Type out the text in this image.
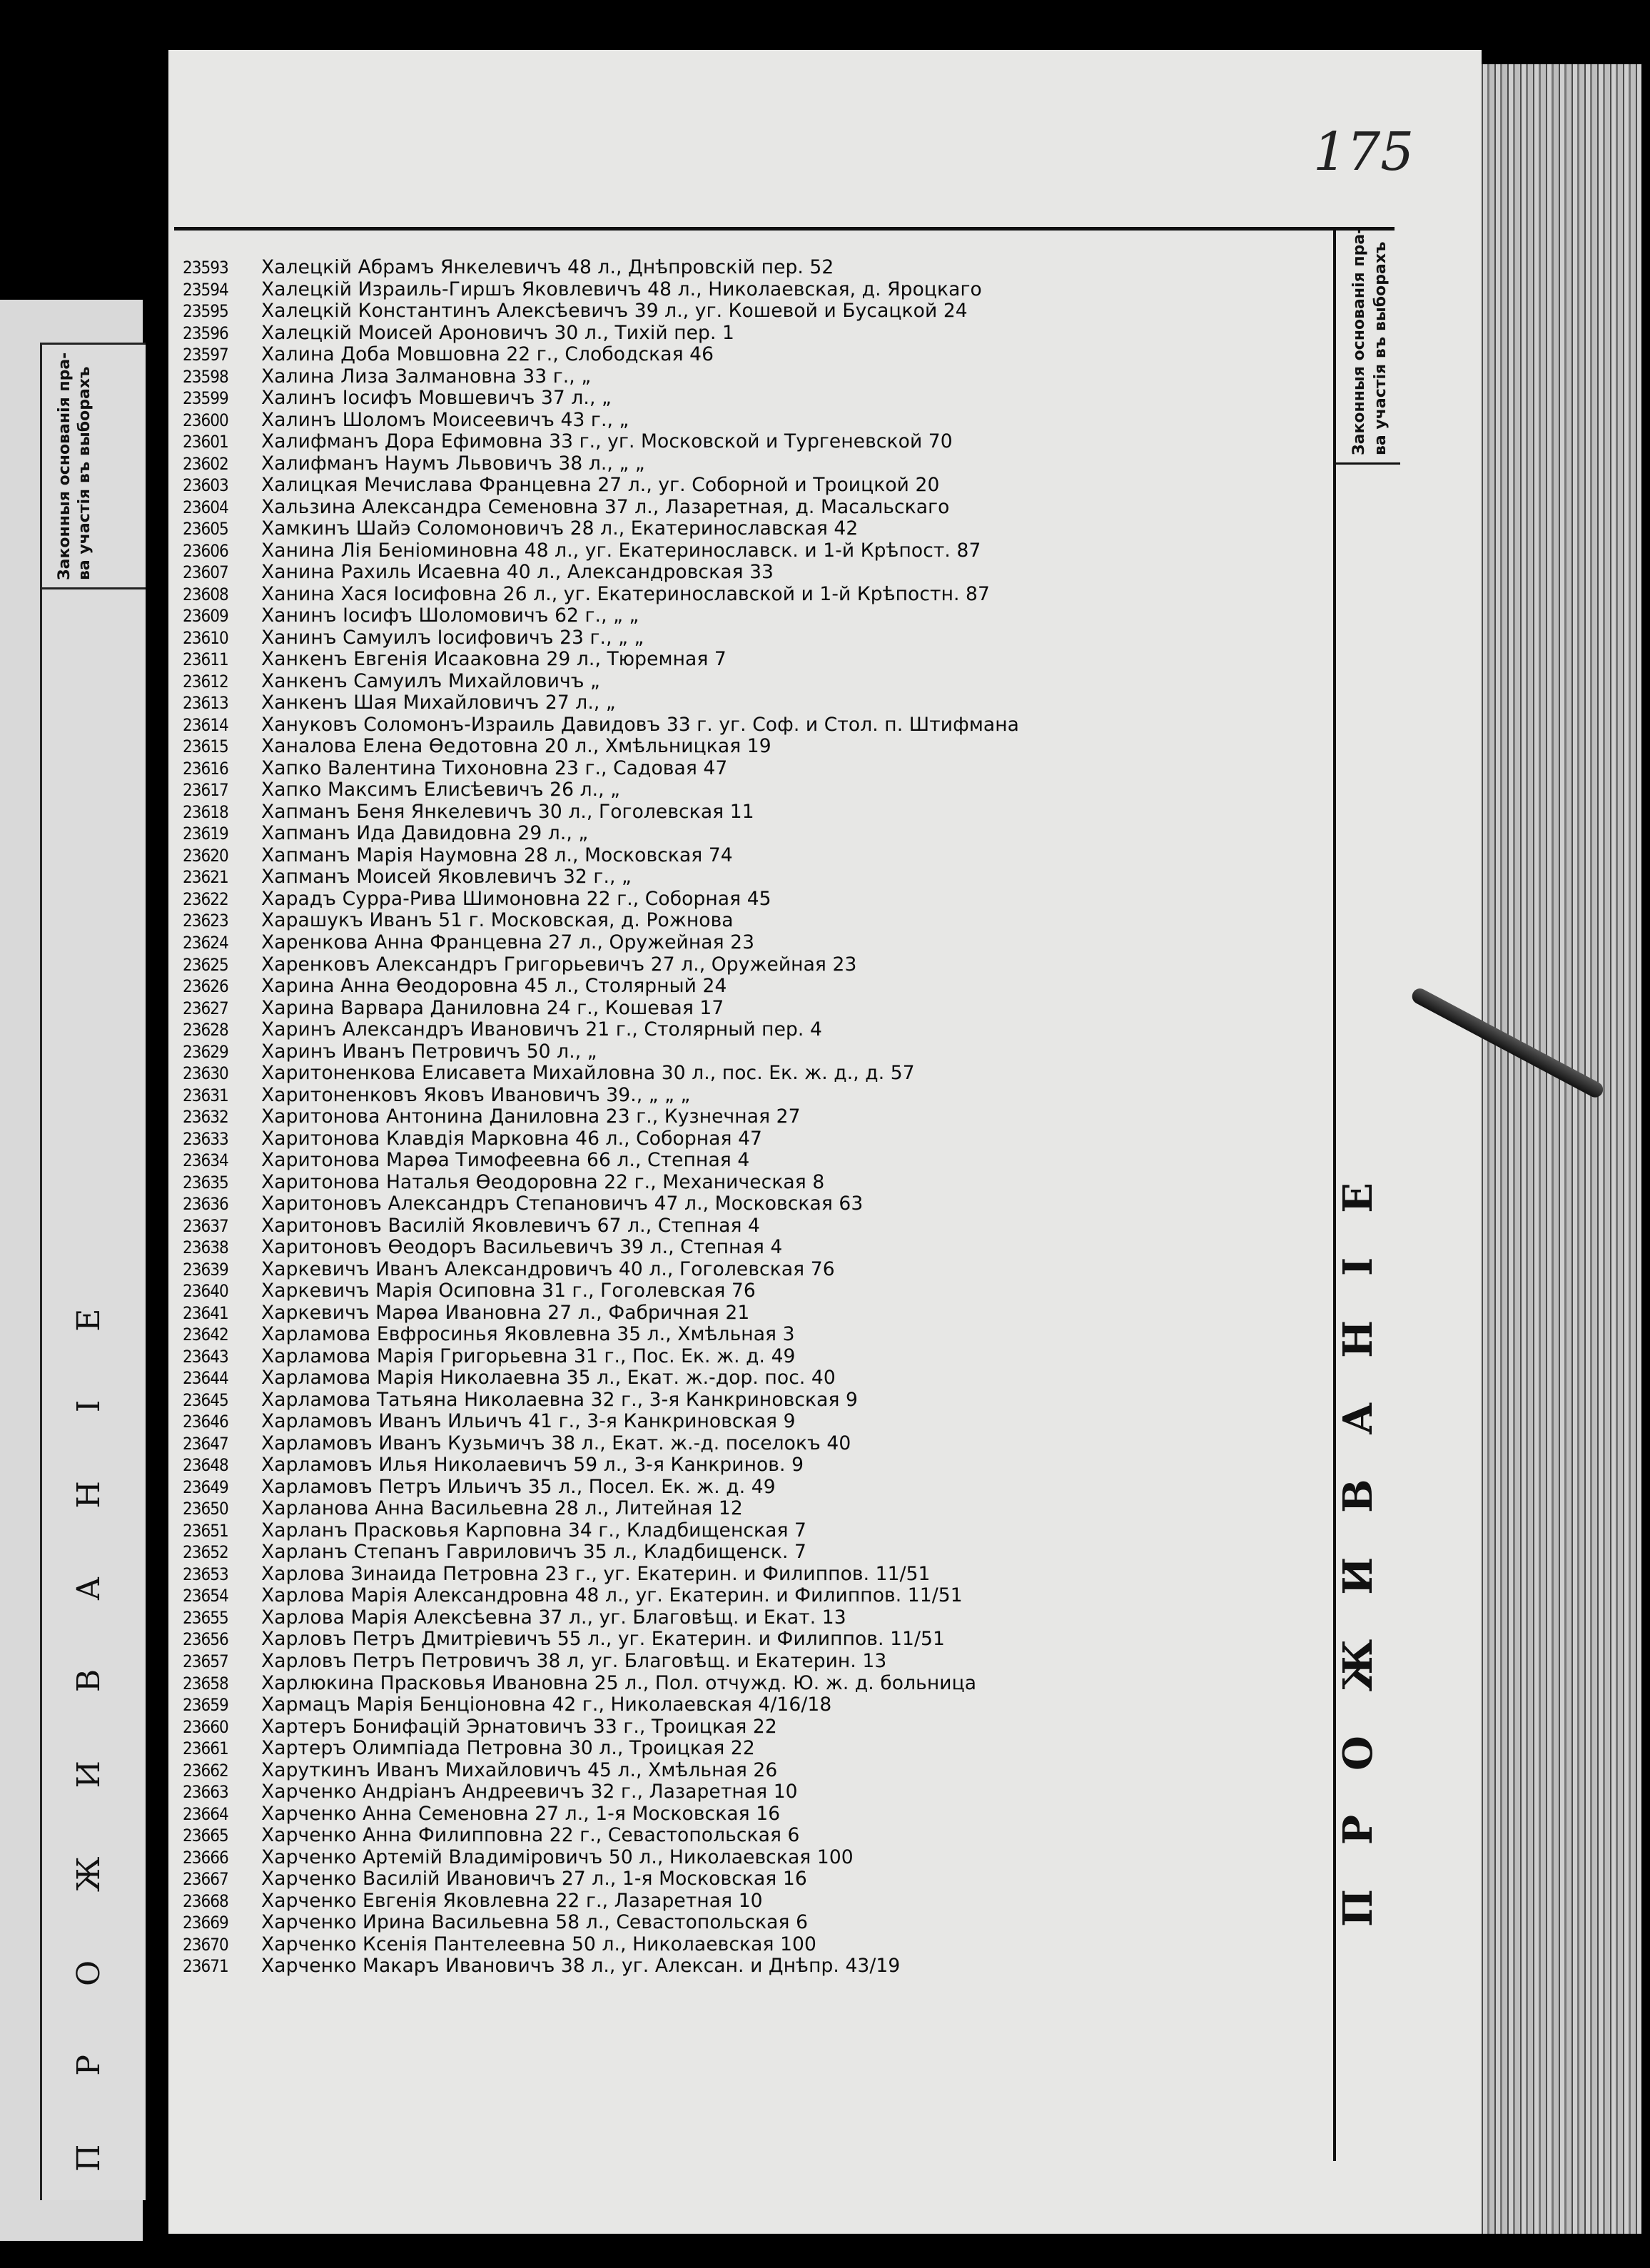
Законныя основанія пра- ва участія въ выборахъ
ПРОЖИВАНІЕ
175
Законныя основанія пра- ва участія въ выборахъ
ПРОЖИВАНІЕ
23593	Халецкій Абрамъ Янкелевичъ 48 л., Днѣпровскій пер. 52
23594	Халецкій Израиль-Гиршъ Яковлевичъ 48 л., Николаевская, д. Яроцкаго
23595	Халецкій Константинъ Алексѣевичъ 39 л., уг. Кошевой и Бусацкой 24
23596	Халецкій Моисей Ароновичъ 30 л., Тихій пер. 1
23597	Халина Доба Мовшовна 22 г., Слободская 46
23598	Халина Лиза Залмановна 33 г., „
23599	Халинъ Іосифъ Мовшевичъ 37 л., „
23600	Халинъ Шоломъ Моисеевичъ 43 г., „
23601	Халифманъ Дора Ефимовна 33 г., уг. Московской и Тургеневской 70
23602	Халифманъ Наумъ Львовичъ 38 л., „ „
23603	Халицкая Мечислава Францевна 27 л., уг. Соборной и Троицкой 20
23604	Хальзина Александра Семеновна 37 л., Лазаретная, д. Масальскаго
23605	Хамкинъ Шайэ Соломоновичъ 28 л., Екатеринославская 42
23606	Ханина Лія Беніоминовна 48 л., уг. Екатеринославск. и 1-й Крѣпост. 87
23607	Ханина Рахиль Исаевна 40 л., Александровская 33
23608	Ханина Хася Іосифовна 26 л., уг. Екатеринославской и 1-й Крѣпостн. 87
23609	Ханинъ Іосифъ Шоломовичъ 62 г., „ „
23610	Ханинъ Самуилъ Іосифовичъ 23 г., „ „
23611	Ханкенъ Евгенія Исааковна 29 л., Тюремная 7
23612	Ханкенъ Самуилъ Михайловичъ „
23613	Ханкенъ Шая Михайловичъ 27 л., „
23614	Хануковъ Соломонъ-Израиль Давидовъ 33 г. уг. Соф. и Стол. п. Штифмана
23615	Ханалова Елена Ѳедотовна 20 л., Хмѣльницкая 19
23616	Хапко Валентина Тихоновна 23 г., Садовая 47
23617	Хапко Максимъ Елисѣевичъ 26 л., „
23618	Хапманъ Беня Янкелевичъ 30 л., Гоголевская 11
23619	Хапманъ Ида Давидовна 29 л., „
23620	Хапманъ Марія Наумовна 28 л., Московская 74
23621	Хапманъ Моисей Яковлевичъ 32 г., „
23622	Харадъ Сурра-Рива Шимоновна 22 г., Соборная 45
23623	Харашукъ Иванъ 51 г. Московская, д. Рожнова
23624	Харенкова Анна Францевна 27 л., Оружейная 23
23625	Харенковъ Александръ Григорьевичъ 27 л., Оружейная 23
23626	Харина Анна Ѳеодоровна 45 л., Столярный 24
23627	Харина Варвара Даниловна 24 г., Кошевая 17
23628	Харинъ Александръ Ивановичъ 21 г., Столярный пер. 4
23629	Харинъ Иванъ Петровичъ 50 л., „
23630	Харитоненкова Елисавета Михайловна 30 л., пос. Ек. ж. д., д. 57
23631	Харитоненковъ Яковъ Ивановичъ 39., „ „ „
23632	Харитонова Антонина Даниловна 23 г., Кузнечная 27
23633	Харитонова Клавдія Марковна 46 л., Соборная 47
23634	Харитонова Марѳа Тимофеевна 66 л., Степная 4
23635	Харитонова Наталья Ѳеодоровна 22 г., Механическая 8
23636	Харитоновъ Александръ Степановичъ 47 л., Московская 63
23637	Харитоновъ Василій Яковлевичъ 67 л., Степная 4
23638	Харитоновъ Ѳеодоръ Васильевичъ 39 л., Степная 4
23639	Харкевичъ Иванъ Александровичъ 40 л., Гоголевская 76
23640	Харкевичъ Марія Осиповна 31 г., Гоголевская 76
23641	Харкевичъ Марѳа Ивановна 27 л., Фабричная 21
23642	Харламова Евфросинья Яковлевна 35 л., Хмѣльная 3
23643	Харламова Марія Григорьевна 31 г., Пос. Ек. ж. д. 49
23644	Харламова Марія Николаевна 35 л., Екат. ж.-дор. пос. 40
23645	Харламова Татьяна Николаевна 32 г., 3-я Канкриновская 9
23646	Харламовъ Иванъ Ильичъ 41 г., 3-я Канкриновская 9
23647	Харламовъ Иванъ Кузьмичъ 38 л., Екат. ж.-д. поселокъ 40
23648	Харламовъ Илья Николаевичъ 59 л., 3-я Канкринов. 9
23649	Харламовъ Петръ Ильичъ 35 л., Посел. Ек. ж. д. 49
23650	Харланова Анна Васильевна 28 л., Литейная 12
23651	Харланъ Прасковья Карповна 34 г., Кладбищенская 7
23652	Харланъ Степанъ Гавриловичъ 35 л., Кладбищенск. 7
23653	Харлова Зинаида Петровна 23 г., уг. Екатерин. и Филиппов. 11/51
23654	Харлова Марія Александровна 48 л., уг. Екатерин. и Филиппов. 11/51
23655	Харлова Марія Алексѣевна 37 л., уг. Благовѣщ. и Екат. 13
23656	Харловъ Петръ Дмитріевичъ 55 л., уг. Екатерин. и Филиппов. 11/51
23657	Харловъ Петръ Петровичъ 38 л, уг. Благовѣщ. и Екатерин. 13
23658	Харлюкина Прасковья Ивановна 25 л., Пол. отчужд. Ю. ж. д. больница
23659	Хармацъ Марія Бенціоновна 42 г., Николаевская 4/16/18
23660	Хартеръ Бонифацій Эрнатовичъ 33 г., Троицкая 22
23661	Хартеръ Олимпіада Петровна 30 л., Троицкая 22
23662	Харуткинъ Иванъ Михайловичъ 45 л., Хмѣльная 26
23663	Харченко Андріанъ Андреевичъ 32 г., Лазаретная 10
23664	Харченко Анна Семеновна 27 л., 1-я Московская 16
23665	Харченко Анна Филипповна 22 г., Севастопольская 6
23666	Харченко Артемій Владиміровичъ 50 л., Николаевская 100
23667	Харченко Василій Ивановичъ 27 л., 1-я Московская 16
23668	Харченко Евгенія Яковлевна 22 г., Лазаретная 10
23669	Харченко Ирина Васильевна 58 л., Севастопольская 6
23670	Харченко Ксенія Пантелеевна 50 л., Николаевская 100
23671	Харченко Макаръ Ивановичъ 38 л., уг. Алексан. и Днѣпр. 43/19
